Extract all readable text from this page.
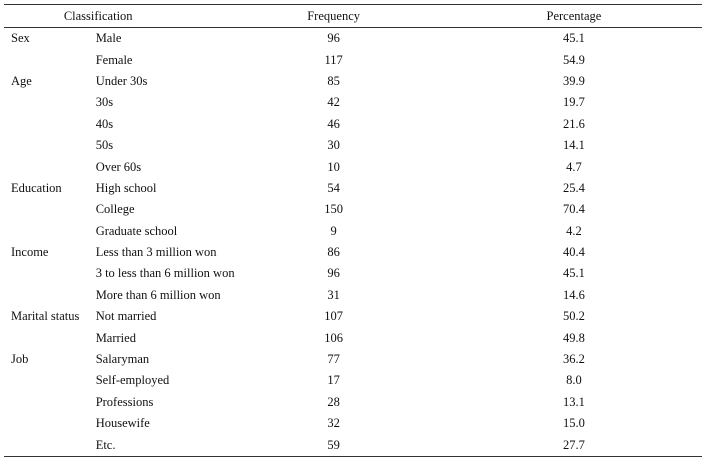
Classification		Frequency	Percentage
Sex	Male	96	45.1
	Female	117	54.9
Age	Under 30s	85	39.9
	30s	42	19.7
	40s	46	21.6
	50s	30	14.1
	Over 60s	10	4.7
Education	High school	54	25.4
	College	150	70.4
	Graduate school	9	4.2
Income	Less than 3 million won	86	40.4
	3 to less than 6 million won	96	45.1
	More than 6 million won	31	14.6
Marital status	Not married	107	50.2
	Married	106	49.8
Job	Salaryman	77	36.2
	Self-employed	17	8.0
	Professions	28	13.1
	Housewife	32	15.0
	Etc.	59	27.7
